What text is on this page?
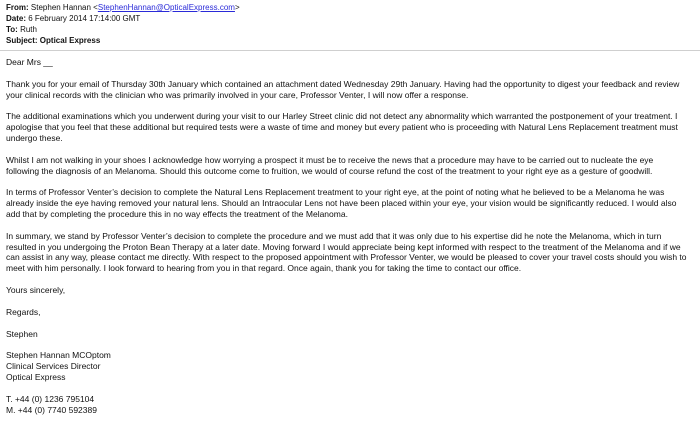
From: Stephen Hannan <StephenHannan@OpticalExpress.com>
Date: 6 February 2014 17:14:00 GMT
To: Ruth
Subject: Optical Express

Dear Mrs __

Thank you for your email of Thursday 30th January which contained an attachment dated Wednesday 29th January. Having had the opportunity to digest your feedback and review your clinical records with the clinician who was primarily involved in your care, Professor Venter, I will now offer a response.

The additional examinations which you underwent during your visit to our Harley Street clinic did not detect any abnormality which warranted the postponement of your treatment. I apologise that you feel that these additional but required tests were a waste of time and money but every patient who is proceeding with Natural Lens Replacement treatment must undergo these.

Whilst I am not walking in your shoes I acknowledge how worrying a prospect it must be to receive the news that a procedure may have to be carried out to nucleate the eye following the diagnosis of an Melanoma. Should this outcome come to fruition, we would of course refund the cost of the treatment to your right eye as a gesture of goodwill.

In terms of Professor Venter’s decision to complete the Natural Lens Replacement treatment to your right eye, at the point of noting what he believed to be a Melanoma he was already inside the eye having removed your natural lens. Should an Intraocular Lens not have been placed within your eye, your vision would be significantly reduced. I would also add that by completing the procedure this in no way effects the treatment of the Melanoma.

In summary, we stand by Professor Venter’s decision to complete the procedure and we must add that it was only due to his expertise did he note the Melanoma, which in turn resulted in you undergoing the Proton Bean Therapy at a later date. Moving forward I would appreciate being kept informed with respect to the treatment of the Melanoma and if we can assist in any way, please contact me directly. With respect to the proposed appointment with Professor Venter, we would be pleased to cover your travel costs should you wish to meet with him personally. I look forward to hearing from you in that regard. Once again, thank you for taking the time to contact our office.

Yours sincerely,

Regards,

Stephen

Stephen Hannan MCOptom
Clinical Services Director
Optical Express
T. +44 (0) 1236 795104
M. +44 (0) 7740 592389
